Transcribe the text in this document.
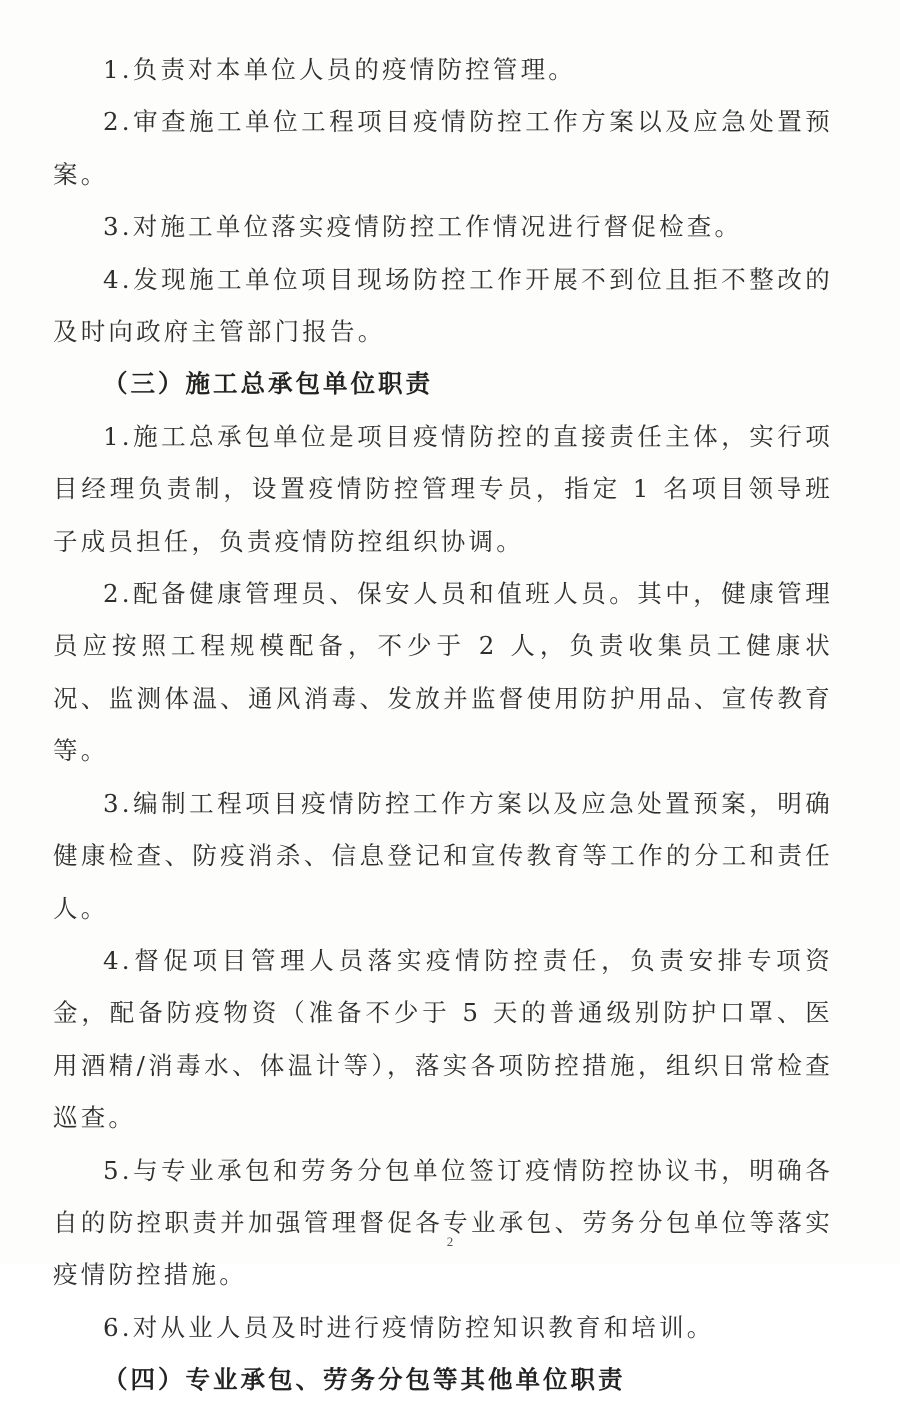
1.负责对本单位人员的疫情防控管理。

2.审查施工单位工程项目疫情防控工作方案以及应急处置预案。

3.对施工单位落实疫情防控工作情况进行督促检查。

4.发现施工单位项目现场防控工作开展不到位且拒不整改的及时向政府主管部门报告。

（三）施工总承包单位职责

1.施工总承包单位是项目疫情防控的直接责任主体，实行项目经理负责制，设置疫情防控管理专员，指定 1 名项目领导班子成员担任，负责疫情防控组织协调。

2.配备健康管理员、保安人员和值班人员。其中，健康管理员应按照工程规模配备，不少于 2 人，负责收集员工健康状况、监测体温、通风消毒、发放并监督使用防护用品、宣传教育等。

3.编制工程项目疫情防控工作方案以及应急处置预案，明确健康检查、防疫消杀、信息登记和宣传教育等工作的分工和责任人。

4.督促项目管理人员落实疫情防控责任，负责安排专项资金，配备防疫物资（准备不少于 5 天的普通级别防护口罩、医用酒精/消毒水、体温计等），落实各项防控措施，组织日常检查巡查。

5.与专业承包和劳务分包单位签订疫情防控协议书，明确各自的防控职责并加强管理督促各专业承包、劳务分包单位等落实疫情防控措施。

6.对从业人员及时进行疫情防控知识教育和培训。

（四）专业承包、劳务分包等其他单位职责

2
